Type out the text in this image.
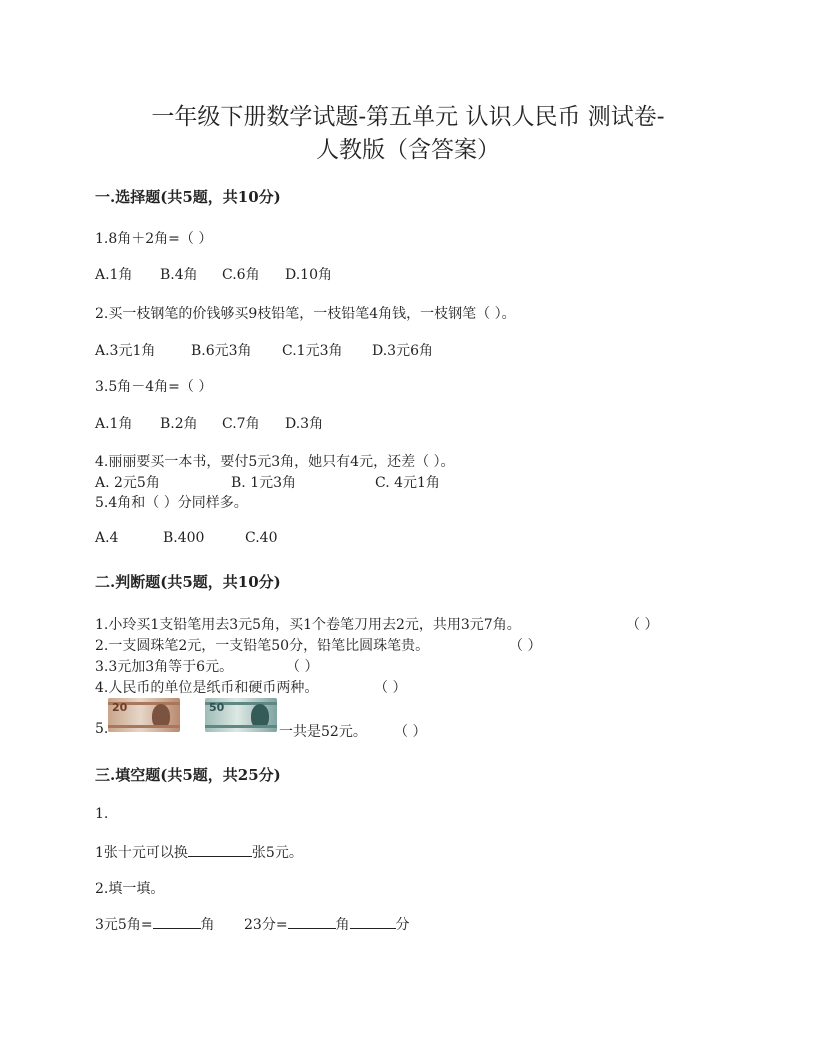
一年级下册数学试题-第五单元 认识人民币 测试卷-
人教版（含答案）
一.选择题(共5题，共10分)
1.8角＋2角=（ ）
A.1角 B.4角 C.6角 D.10角
2.买一枝钢笔的价钱够买9枝铅笔，一枝铅笔4角钱，一枝钢笔（ ）。
A.3元1角	B.6元3角 C.1元3角 D.3元6角
3.5角－4角=（ ）
A.1角 B.2角 C.7角 D.3角
4.丽丽要买一本书，要付5元3角，她只有4元，还差（ ）。
A. 2元5角	B. 1元3角	C. 4元1角
5.4角和（ ）分同样多。
A.4	B.400	C.40
二.判断题(共5题，共10分)
1.小玲买1支铅笔用去3元5角，买1个卷笔刀用去2元，共用3元7角。	（ ）
2.一支圆珠笔2元，一支铅笔50分，铅笔比圆珠笔贵。	（ ）
3.3元加3角等于6元。	（ ）
4.人民币的单位是纸币和硬币两种。	（ ）
5.
20	50
一共是52元。 （ ）
三.填空题(共5题，共25分)
1.
1张十元可以换	张5元。
2.填一填。
3元5角=	角 23分=	角	分
